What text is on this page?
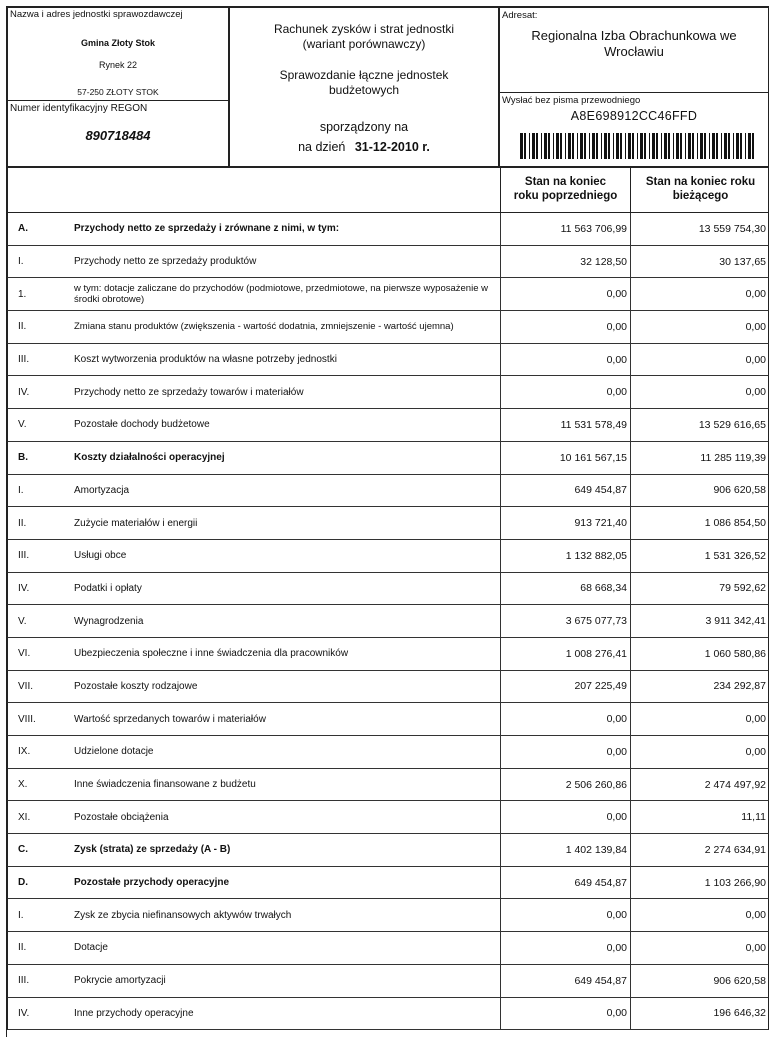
Nazwa i adres jednostki sprawozdawczej
Gmina Złoty Stok
Rynek 22
57-250 ZŁOTY STOK
Numer identyfikacyjny REGON
890718484
Rachunek zysków i strat jednostki
(wariant porównawczy)
Sprawozdanie łączne jednostek
budżetowych
sporządzony na
na dzień 31-12-2010 r.
Adresat:
Regionalna Izba Obrachunkowa we
Wrocławiu
Wysłać bez pisma przewodniego
A8E698912CC46FFD
Stan na koniec
roku poprzedniego
Stan na koniec roku
bieżącego
A.	Przychody netto ze sprzedaży i zrównane z nimi, w tym:	11 563 706,99	13 559 754,30
I.	Przychody netto ze sprzedaży produktów	32 128,50	30 137,65
1.	w tym: dotacje zaliczane do przychodów (podmiotowe, przedmiotowe, na pierwsze wyposażenie w środki obrotowe)	0,00	0,00
II.	Zmiana stanu produktów (zwiększenia - wartość dodatnia, zmniejszenie - wartość ujemna)	0,00	0,00
III.	Koszt wytworzenia produktów na własne potrzeby jednostki	0,00	0,00
IV.	Przychody netto ze sprzedaży towarów i materiałów	0,00	0,00
V.	Pozostałe dochody budżetowe	11 531 578,49	13 529 616,65
B.	Koszty działalności operacyjnej	10 161 567,15	11 285 119,39
I.	Amortyzacja	649 454,87	906 620,58
II.	Zużycie materiałów i energii	913 721,40	1 086 854,50
III.	Usługi obce	1 132 882,05	1 531 326,52
IV.	Podatki i opłaty	68 668,34	79 592,62
V.	Wynagrodzenia	3 675 077,73	3 911 342,41
VI.	Ubezpieczenia społeczne i inne świadczenia dla pracowników	1 008 276,41	1 060 580,86
VII.	Pozostałe koszty rodzajowe	207 225,49	234 292,87
VIII.	Wartość sprzedanych towarów i materiałów	0,00	0,00
IX.	Udzielone dotacje	0,00	0,00
X.	Inne świadczenia finansowane z budżetu	2 506 260,86	2 474 497,92
XI.	Pozostałe obciążenia	0,00	11,11
C.	Zysk (strata) ze sprzedaży (A - B)	1 402 139,84	2 274 634,91
D.	Pozostałe przychody operacyjne	649 454,87	1 103 266,90
I.	Zysk ze zbycia niefinansowych aktywów trwałych	0,00	0,00
II.	Dotacje	0,00	0,00
III.	Pokrycie amortyzacji	649 454,87	906 620,58
IV.	Inne przychody operacyjne	0,00	196 646,32
